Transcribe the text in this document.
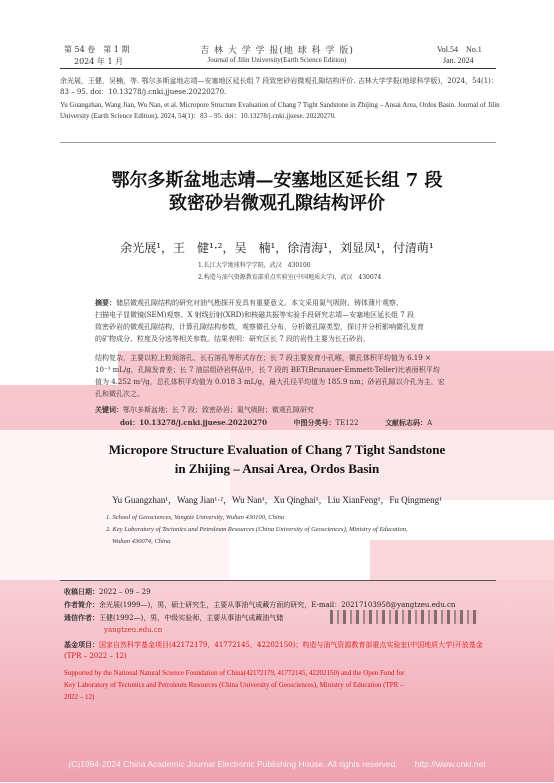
第 54 卷　第 1 期
2024 年 1 月
吉 林 大 学 学 报(地 球 科 学 版)
Journal of Jilin University(Earth Science Edition)
Vol.54　No.1
Jan. 2024
余光展，王健，吴楠，等. 鄂尔多斯盆地志靖—安塞地区延长组 7 段致密砂岩微观孔隙结构评价. 吉林大学学报(地球科学版)，2024，54(1)：83 – 95. doi：10.13278/j.cnki.jjuese.20220270.
Yu Guangzhan, Wang Jian, Wu Nan, et al. Micropore Structure Evaluation of Chang 7 Tight Sandstone in Zhijing – Ansai Area, Ordos Basin. Journal of Jilin University (Earth Science Edition), 2024, 54(1)：83 – 95. doi：10.13278/j.cnki.jjuese. 20220270.
鄂尔多斯盆地志靖—安塞地区延长组 7 段
致密砂岩微观孔隙结构评价
余光展¹，王　健¹·²，吴　楠¹，徐清海¹，刘显凤¹，付清萌¹
1.长江大学地球科学学院，武汉　430100
2.构造与油气资源教育部重点实验室(中国地质大学)，武汉　430074
摘要：储层微观孔隙结构的研究对油气勘探开发具有重要意义。本文采用氮气吸附、铸体薄片观察、
扫描电子显微镜(SEM)观察、X 射线衍射(XRD)和核磁共振等实验手段研究志靖—安塞地区延长组 7 段
致密砂岩的微观孔隙结构，计算孔隙结构参数，观察微孔分布，分析微孔隙类型，探讨并分析影响微孔发育
的矿物成分、粒度及分选等相关参数。结果表明：研究区长 7 段的岩性主要为长石砂岩，
结构复杂，主要以粒上粒间溶孔、长石溶孔等形式存在；长 7 段主要发育小孔喉，微孔体积平均值为 6.19 ×
10⁻³ mL/g，孔隙发育差；长 7 油层组砂岩样品中，长 7 段的 BET(Brunauer-Emmett-Teller)比表面积平均
值为 4.252 m²/g，总孔体积平均值为 0.018 3 mL/g，最大孔径平均值为 185.9 nm；砂岩孔隙以介孔为主，宏
孔和微孔次之。
关键词：鄂尔多斯盆地；长 7 段；致密砂岩；氮气吸附；微观孔隙研究
doi：10.13278/j.cnki.jjuese.20220270	中图分类号：TE122	文献标志码：A
Micropore Structure Evaluation of Chang 7 Tight Sandstone
in Zhijing – Ansai Area, Ordos Basin
Yu Guangzhan¹，Wang Jian¹·²，Wu Nan¹，Xu Qinghai¹，Liu XianFeng¹，Fu Qingmeng¹
1. School of Geosciences, Yangtze University, Wuhan 430100, China
2. Key Laboratory of Tectonics and Petroleum Resources (China University of Geosciences), Ministry of Education,
Wuhan 430074, China
收稿日期：2022 – 09 – 29
作者简介：余光展(1999—)，男，硕士研究生，主要从事油气成藏方面的研究，E-mail：20217103958@yangtzeu.edu.cn
通信作者：王健(1992—)，男，中级实验师，主要从事油气成藏油气储
yangtzeu.edu.cn
基金项目：国家自然科学基金项目(42172179，41772145，42202150)；构造与油气资源教育部重点实验室(中国地质大学)开放基金(TPR – 2022 – 12)
Supported by the National Natural Science Foundation of China(42172179, 41772145, 42202150) and the Open Fund for
Key Laboratory of Tectonics and Petroleum Resources (China University of Geosciences), Ministry of Education (TPR –
2022 – 12)
(C)1994-2024 China Academic Journal Electronic Publishing House. All rights reserved.　　http://www.cnki.net
